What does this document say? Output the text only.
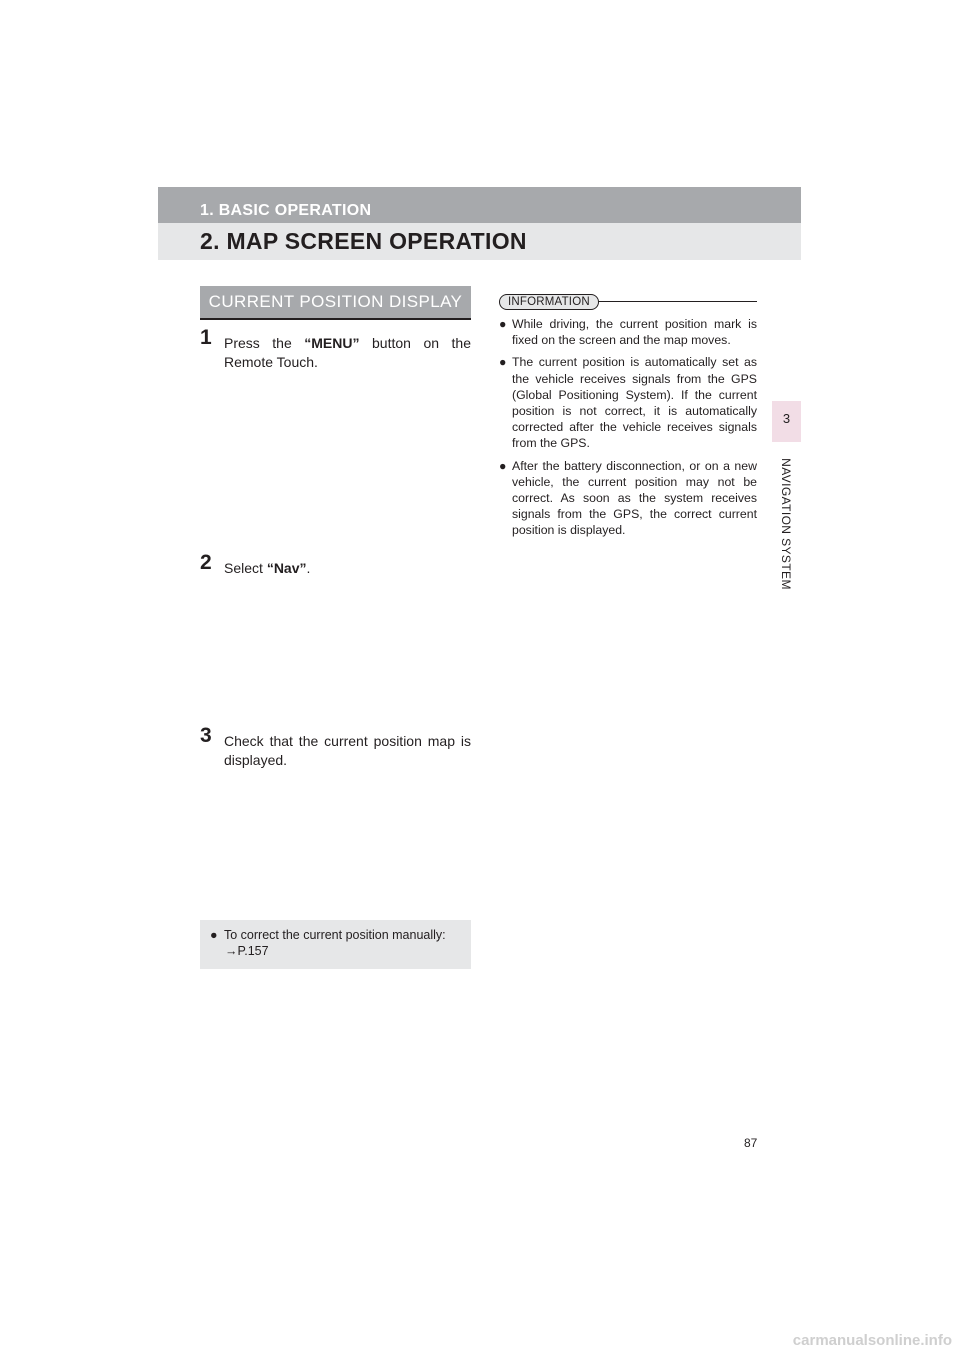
1. BASIC OPERATION
2. MAP SCREEN OPERATION
CURRENT POSITION DISPLAY
1 Press the “MENU” button on the Remote Touch.
2 Select “Nav”.
3 Check that the current position map is displayed.
● To correct the current position manually:
→P.157
INFORMATION
● While driving, the current position mark is fixed on the screen and the map moves.
● The current position is automatically set as the vehicle receives signals from the GPS (Global Positioning System). If the current position is not correct, it is automatically corrected after the vehicle receives signals from the GPS.
● After the battery disconnection, or on a new vehicle, the current position may not be correct. As soon as the system receives signals from the GPS, the correct current position is displayed.
3
NAVIGATION SYSTEM
87
carmanualsonline.info
